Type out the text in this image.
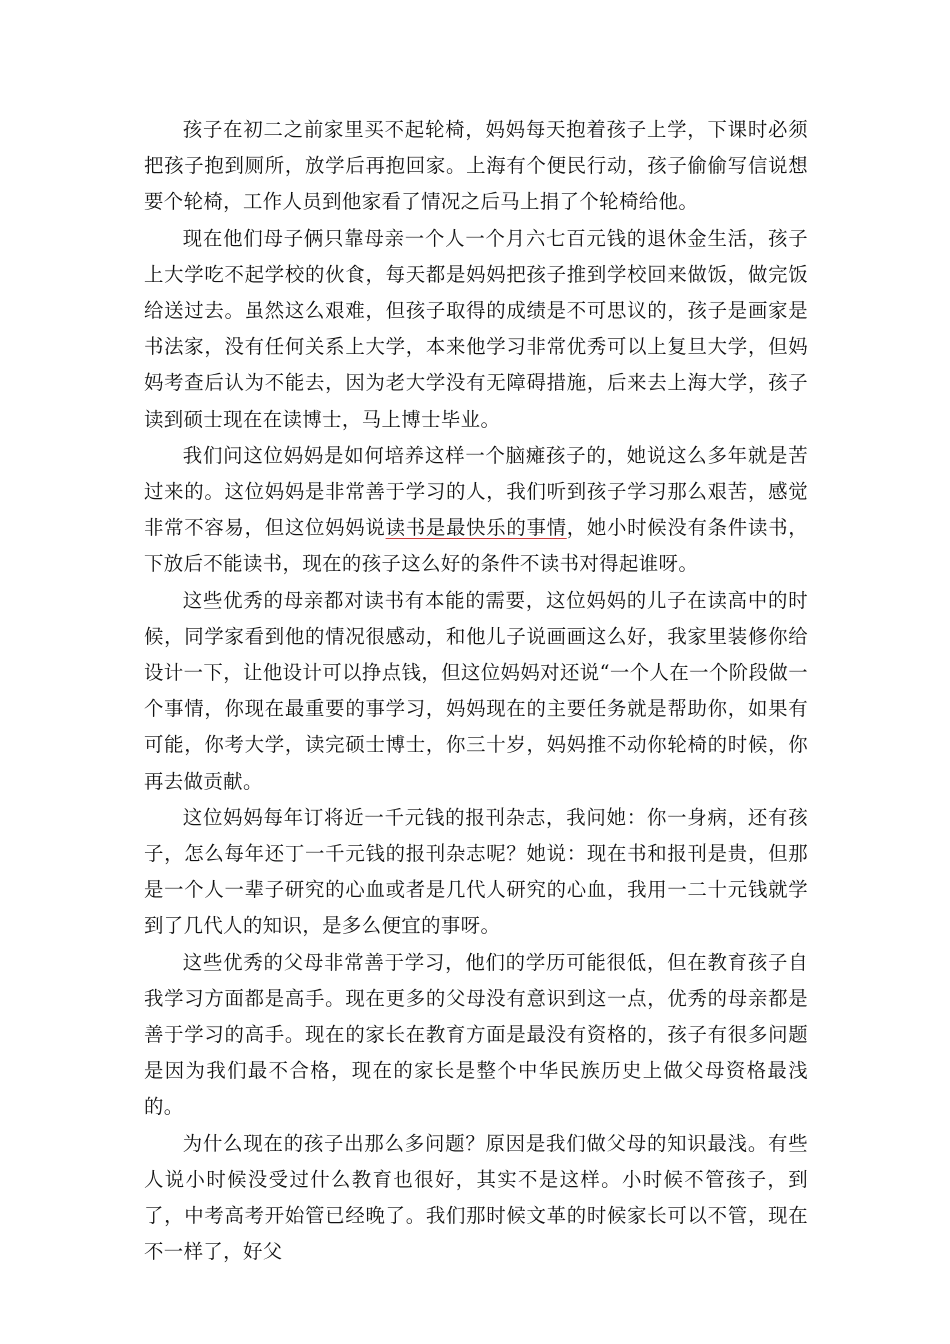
孩子在初二之前家里买不起轮椅，妈妈每天抱着孩子上学，下课时必须把孩子抱到厕所，放学后再抱回家。上海有个便民行动，孩子偷偷写信说想要个轮椅，工作人员到他家看了情况之后马上捐了个轮椅给他。

现在他们母子俩只靠母亲一个人一个月六七百元钱的退休金生活，孩子上大学吃不起学校的伙食，每天都是妈妈把孩子推到学校回来做饭，做完饭给送过去。虽然这么艰难，但孩子取得的成绩是不可思议的，孩子是画家是书法家，没有任何关系上大学，本来他学习非常优秀可以上复旦大学，但妈妈考查后认为不能去，因为老大学没有无障碍措施，后来去上海大学，孩子读到硕士现在在读博士，马上博士毕业。

我们问这位妈妈是如何培养这样一个脑瘫孩子的，她说这么多年就是苦过来的。这位妈妈是非常善于学习的人，我们听到孩子学习那么艰苦，感觉非常不容易，但这位妈妈说读书是最快乐的事情，她小时候没有条件读书，下放后不能读书，现在的孩子这么好的条件不读书对得起谁呀。

这些优秀的母亲都对读书有本能的需要，这位妈妈的儿子在读高中的时候，同学家看到他的情况很感动，和他儿子说画画这么好，我家里装修你给设计一下，让他设计可以挣点钱，但这位妈妈对还说“一个人在一个阶段做一个事情，你现在最重要的事学习，妈妈现在的主要任务就是帮助你，如果有可能，你考大学，读完硕士博士，你三十岁，妈妈推不动你轮椅的时候，你再去做贡献。

这位妈妈每年订将近一千元钱的报刊杂志，我问她：你一身病，还有孩子，怎么每年还丁一千元钱的报刊杂志呢？她说：现在书和报刊是贵，但那是一个人一辈子研究的心血或者是几代人研究的心血，我用一二十元钱就学到了几代人的知识，是多么便宜的事呀。

这些优秀的父母非常善于学习，他们的学历可能很低，但在教育孩子自我学习方面都是高手。现在更多的父母没有意识到这一点，优秀的母亲都是善于学习的高手。现在的家长在教育方面是最没有资格的，孩子有很多问题是因为我们最不合格，现在的家长是整个中华民族历史上做父母资格最浅的。

为什么现在的孩子出那么多问题？原因是我们做父母的知识最浅。有些人说小时候没受过什么教育也很好，其实不是这样。小时候不管孩子，到了，中考高考开始管已经晚了。我们那时候文革的时候家长可以不管，现在不一样了，好父
